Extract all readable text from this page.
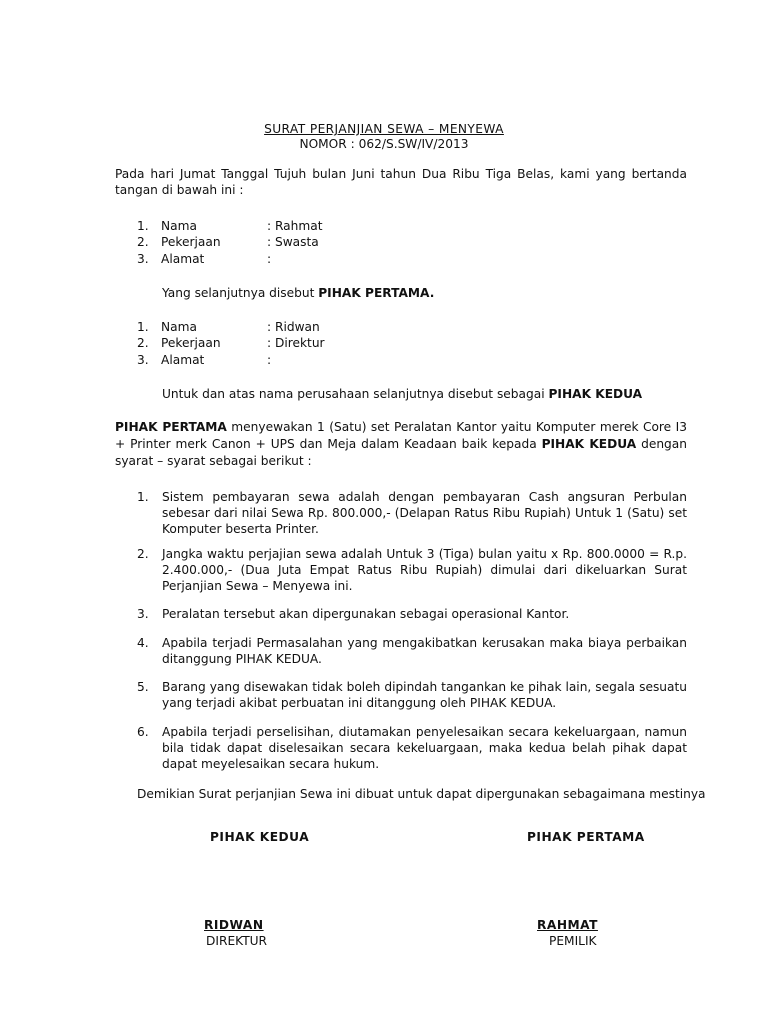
SURAT PERJANJIAN SEWA – MENYEWA
NOMOR : 062/S.SW/IV/2013
Pada hari Jumat Tanggal Tujuh bulan Juni tahun Dua Ribu Tiga Belas, kami yang bertanda tangan di bawah ini :
1. Nama	: Rahmat
2. Pekerjaan	: Swasta
3. Alamat	:
Yang selanjutnya disebut PIHAK PERTAMA.
1. Nama	: Ridwan
2. Pekerjaan	: Direktur
3. Alamat	:
Untuk dan atas nama perusahaan selanjutnya disebut sebagai PIHAK KEDUA
PIHAK PERTAMA menyewakan 1 (Satu) set Peralatan Kantor yaitu Komputer merek Core I3 + Printer merk Canon + UPS dan Meja dalam Keadaan baik kepada PIHAK KEDUA dengan syarat – syarat sebagai berikut :
1. Sistem pembayaran sewa adalah dengan pembayaran Cash angsuran Perbulan sebesar dari nilai Sewa Rp. 800.000,- (Delapan Ratus Ribu Rupiah) Untuk 1 (Satu) set Komputer beserta Printer.
2. Jangka waktu perjajian sewa adalah Untuk 3 (Tiga) bulan yaitu x Rp. 800.0000 = R.p. 2.400.000,- (Dua Juta Empat Ratus Ribu Rupiah) dimulai dari dikeluarkan Surat Perjanjian Sewa – Menyewa ini.
3. Peralatan tersebut akan dipergunakan sebagai operasional Kantor.
4. Apabila terjadi Permasalahan yang mengakibatkan kerusakan maka biaya perbaikan ditanggung PIHAK KEDUA.
5. Barang yang disewakan tidak boleh dipindah tangankan ke pihak lain, segala sesuatu yang terjadi akibat perbuatan ini ditanggung oleh PIHAK KEDUA.
6. Apabila terjadi perselisihan, diutamakan penyelesaikan secara kekeluargaan, namun bila tidak dapat diselesaikan secara kekeluargaan, maka kedua belah pihak dapat dapat meyelesaikan secara hukum.
Demikian Surat perjanjian Sewa ini dibuat untuk dapat dipergunakan sebagaimana mestinya
PIHAK KEDUA	PIHAK PERTAMA
RIDWAN
DIREKTUR
RAHMAT
PEMILIK
